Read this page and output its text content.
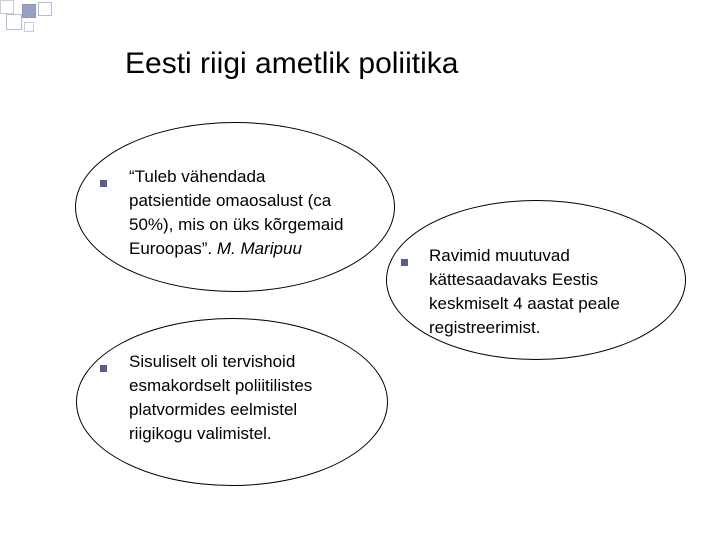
Eesti riigi ametlik poliitika
“Tuleb vähendada
patsientide omaosalust (ca
50%), mis on üks kõrgemaid
Euroopas”. M. Maripuu	Ravimid muutuvad
kättesaadavaks Eestis
keskmiselt 4 aastat peale
registreerimist.
Sisuliselt oli tervishoid
esmakordselt poliitilistes
platvormides eelmistel
riigikogu valimistel.
